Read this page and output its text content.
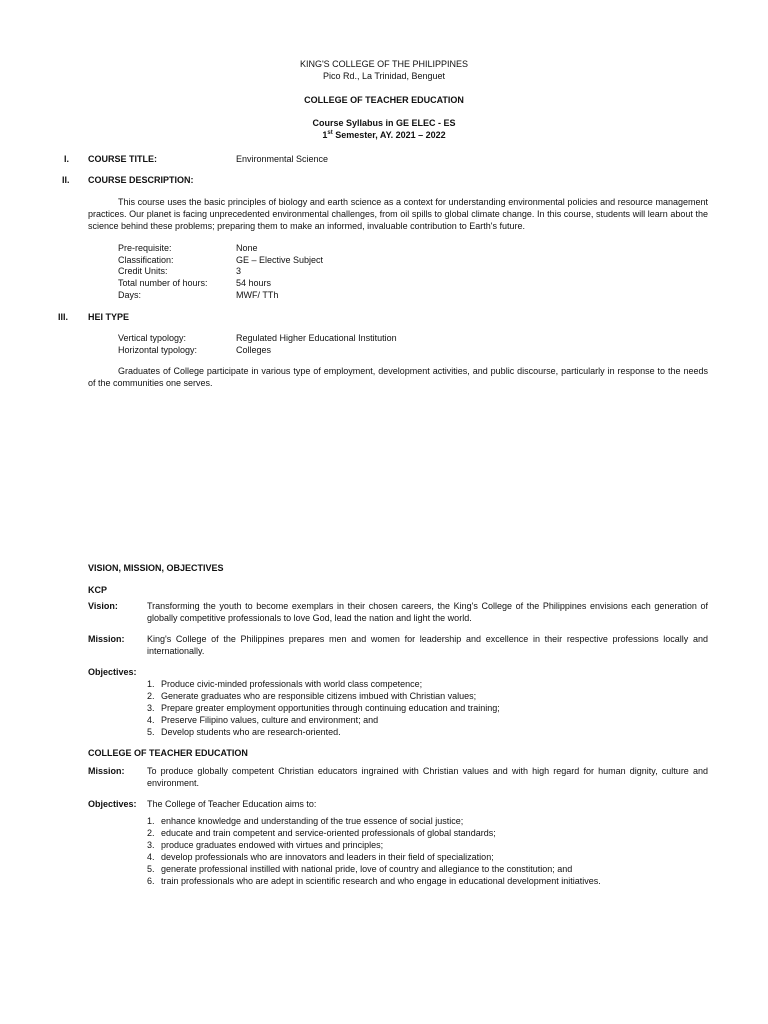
KING'S COLLEGE OF THE PHILIPPINES
Pico Rd., La Trinidad, Benguet
COLLEGE OF TEACHER EDUCATION
Course Syllabus in GE ELEC - ES
1st Semester, AY. 2021 – 2022
I. COURSE TITLE:	Environmental Science
II. COURSE DESCRIPTION:
This course uses the basic principles of biology and earth science as a context for understanding environmental policies and resource management practices. Our planet is facing unprecedented environmental challenges, from oil spills to global climate change. In this course, students will learn about the science behind these problems; preparing them to make an informed, invaluable contribution to Earth's future.
Pre-requisite:	None
Classification:	GE – Elective Subject
Credit Units:	3
Total number of hours:	54 hours
Days:	MWF/ TTh
III. HEI TYPE
Vertical typology:	Regulated Higher Educational Institution
Horizontal typology:	Colleges
Graduates of College participate in various type of employment, development activities, and public discourse, particularly in response to the needs of the communities one serves.
VISION, MISSION, OBJECTIVES
KCP
Vision:	Transforming the youth to become exemplars in their chosen careers, the King's College of the Philippines envisions each generation of globally competitive professionals to love God, lead the nation and light the world.
Mission: King's College of the Philippines prepares men and women for leadership and excellence in their respective professions locally and internationally.
Objectives:
1. Produce civic-minded professionals with world class competence;
2. Generate graduates who are responsible citizens imbued with Christian values;
3. Prepare greater employment opportunities through continuing education and training;
4. Preserve Filipino values, culture and environment; and
5. Develop students who are research-oriented.
COLLEGE OF TEACHER EDUCATION
Mission: To produce globally competent Christian educators ingrained with Christian values and with high regard for human dignity, culture and environment.
Objectives: The College of Teacher Education aims to:
1. enhance knowledge and understanding of the true essence of social justice;
2. educate and train competent and service-oriented professionals of global standards;
3. produce graduates endowed with virtues and principles;
4. develop professionals who are innovators and leaders in their field of specialization;
5. generate professional instilled with national pride, love of country and allegiance to the constitution; and
6. train professionals who are adept in scientific research and who engage in educational development initiatives.
